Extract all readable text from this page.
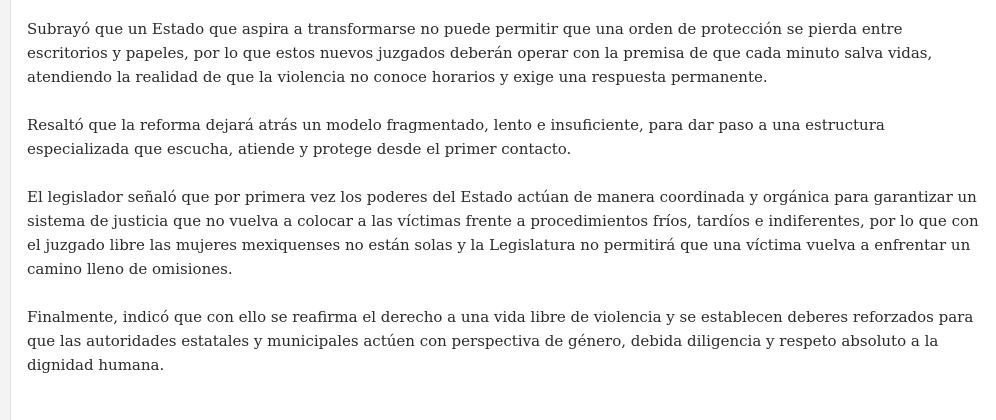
Subrayó que un Estado que aspira a transformarse no puede permitir que una orden de protección se pierda entre escritorios y papeles, por lo que estos nuevos juzgados deberán operar con la premisa de que cada minuto salva vidas, atendiendo la realidad de que la violencia no conoce horarios y exige una respuesta permanente.

Resaltó que la reforma dejará atrás un modelo fragmentado, lento e insuficiente, para dar paso a una estructura especializada que escucha, atiende y protege desde el primer contacto.

El legislador señaló que por primera vez los poderes del Estado actúan de manera coordinada y orgánica para garantizar un sistema de justicia que no vuelva a colocar a las víctimas frente a procedimientos fríos, tardíos e indiferentes, por lo que con el juzgado libre las mujeres mexiquenses no están solas y la Legislatura no permitirá que una víctima vuelva a enfrentar un camino lleno de omisiones.

Finalmente, indicó que con ello se reafirma el derecho a una vida libre de violencia y se establecen deberes reforzados para que las autoridades estatales y municipales actúen con perspectiva de género, debida diligencia y respeto absoluto a la dignidad humana.
